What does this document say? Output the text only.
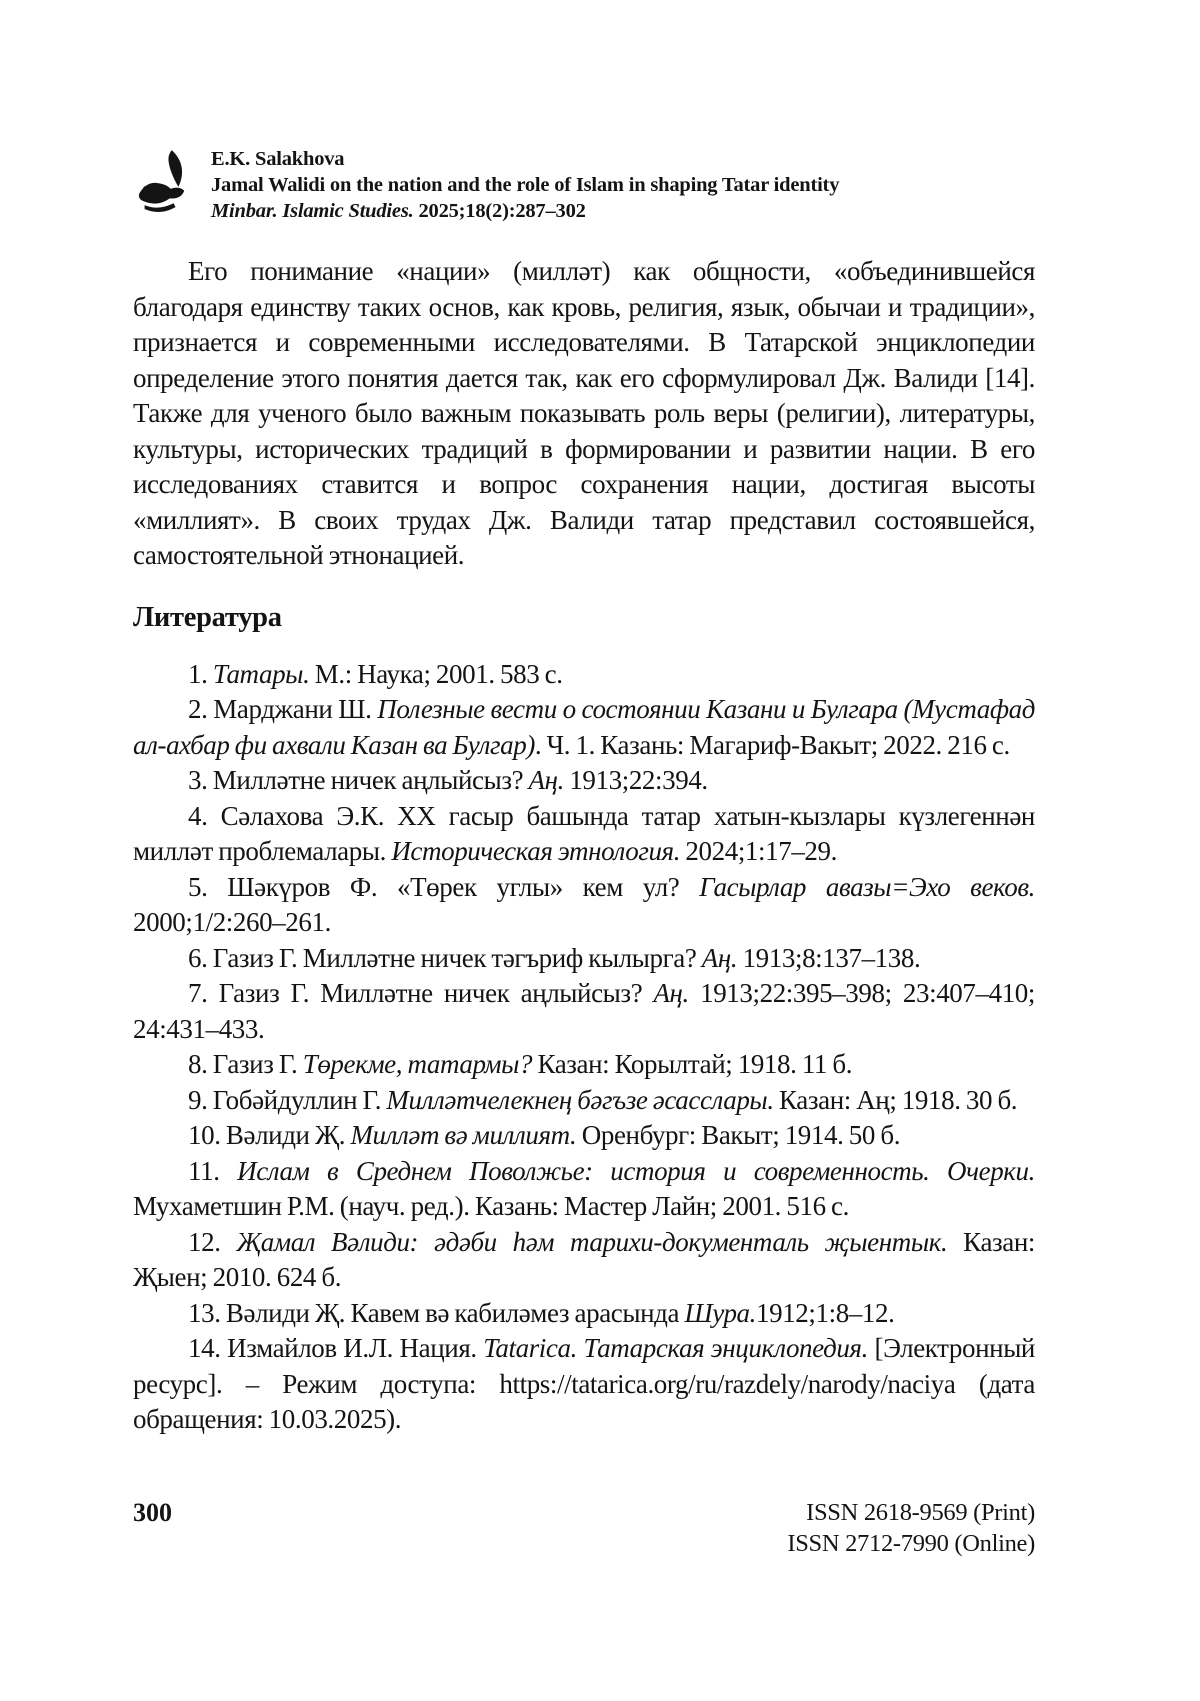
E.K. Salakhova
Jamal Walidi on the nation and the role of Islam in shaping Tatar identity
Minbar. Islamic Studies. 2025;18(2):287–302

Его понимание «нации» (милләт) как общности, «объединившейся благодаря единству таких основ, как кровь, религия, язык, обычаи и традиции», признается и современными исследователями. В Татарской энциклопедии определение этого понятия дается так, как его сформулировал Дж. Валиди [14]. Также для ученого было важным показывать роль веры (религии), литературы, культуры, исторических традиций в формировании и развитии нации. В его исследованиях ставится и вопрос сохранения нации, достигая высоты «миллият». В своих трудах Дж. Валиди татар представил состоявшейся, самостоятельной этнонацией.

Литература

1. Татары. М.: Наука; 2001. 583 с.

2. Марджани Ш. Полезные вести о состоянии Казани и Булгара (Мустафад ал-ахбар фи ахвали Казан ва Булгар). Ч. 1. Казань: Магариф-Вакыт; 2022. 216 с.

3. Милләтне ничек аңлыйсыз? Аң. 1913;22:394.

4. Сәлахова Э.К. ХХ гасыр башында татар хатын-кызлары күзлегеннән милләт проблемалары. Историческая этнология. 2024;1:17–29.

5. Шәкүров Ф. «Төрек углы» кем ул? Гасырлар авазы=Эхо веков. 2000;1/2:260–261.

6. Газиз Г. Милләтне ничек тәгъриф кылырга? Аң. 1913;8:137–138.

7. Газиз Г. Милләтне ничек аңлыйсыз? Аң. 1913;22:395–398; 23:407–410; 24:431–433.

8. Газиз Г. Төрекме, татармы? Казан: Корылтай; 1918. 11 б.

9. Гобәйдуллин Г. Милләтчелекнең бәгъзе әсасслары. Казан: Аң; 1918. 30 б.

10. Вәлиди Җ. Милләт вә миллият. Оренбург: Вакыт; 1914. 50 б.

11. Ислам в Среднем Поволжье: история и современность. Очерки. Мухаметшин Р.М. (науч. ред.). Казань: Мастер Лайн; 2001. 516 с.

12. Җамал Вәлиди: әдәби һәм тарихи-документаль җыентык. Казан: Җыен; 2010. 624 б.

13. Вәлиди Җ. Кавем вә кабиләмез арасында Шура.1912;1:8–12.

14. Измайлов И.Л. Нация. Tatarica. Татарская энциклопедия. [Электронный ресурс]. – Режим доступа: https://tatarica.org/ru/razdely/narody/naciya (дата обращения: 10.03.2025).

300	ISSN 2618-9569 (Print)
ISSN 2712-7990 (Online)
